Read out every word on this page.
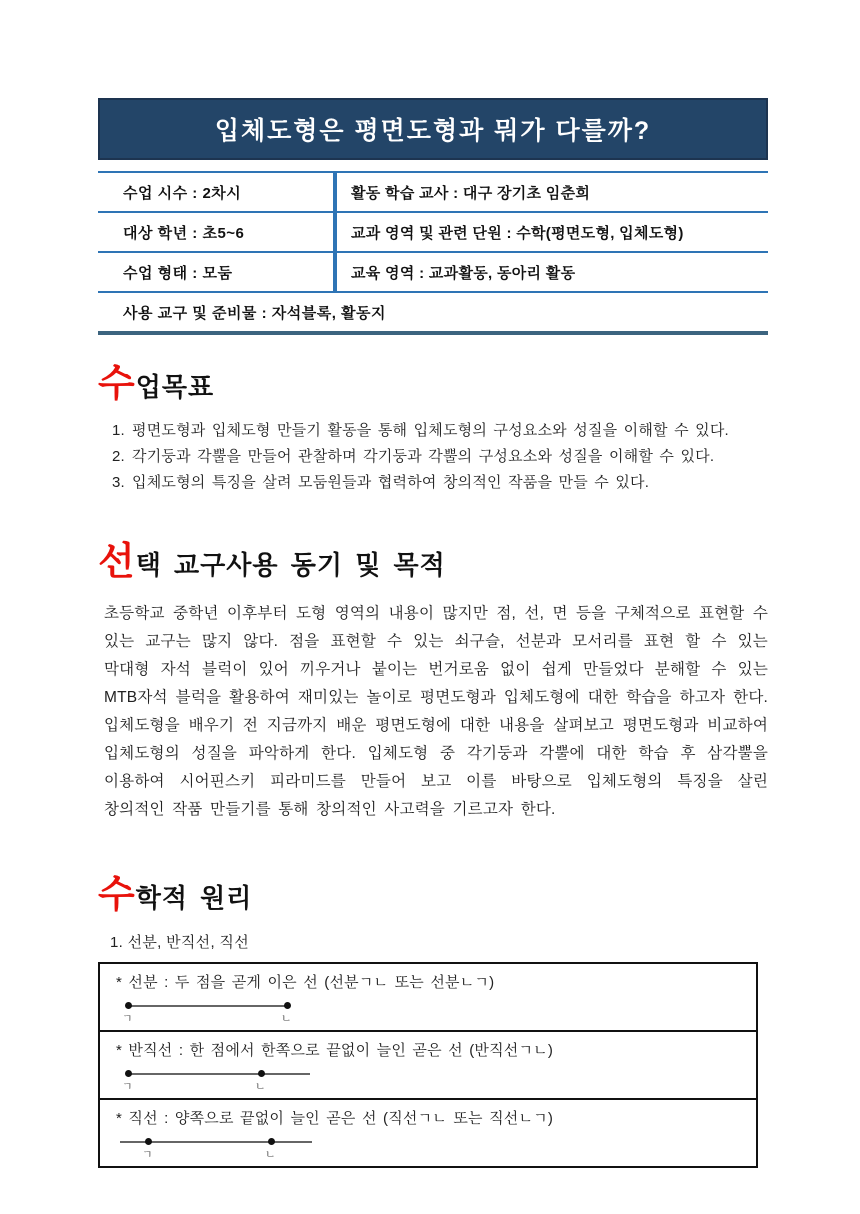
입체도형은 평면도형과 뭐가 다를까?
수업 시수 : 2차시	활동 학습 교사 : 대구 장기초 임춘희
대상 학년 : 초5~6	교과 영역 및 관련 단원 : 수학(평면도형, 입체도형)
수업 형태 : 모둠	교육 영역 : 교과활동, 동아리 활동
사용 교구 및 준비물 : 자석블록, 활동지
수 업목표
1. 평면도형과 입체도형 만들기 활동을 통해 입체도형의 구성요소와 성질을 이해할 수 있다.
2. 각기둥과 각뿔을 만들어 관찰하며 각기둥과 각뿔의 구성요소와 성질을 이해할 수 있다.
3. 입체도형의 특징을 살려 모둠원들과 협력하여 창의적인 작품을 만들 수 있다.
선 택 교구사용 동기 및 목적
초등학교 중학년 이후부터 도형 영역의 내용이 많지만 점, 선, 면 등을 구체적으로 표현할 수 있는 교구는 많지 않다. 점을 표현할 수 있는 쇠구슬, 선분과 모서리를 표현 할 수 있는 막대형 자석 블럭이 있어 끼우거나 붙이는 번거로움 없이 쉽게 만들었다 분해할 수 있는 MTB자석 블럭을 활용하여 재미있는 놀이로 평면도형과 입체도형에 대한 학습을 하고자 한다. 입체도형을 배우기 전 지금까지 배운 평면도형에 대한 내용을 살펴보고 평면도형과 비교하여 입체도형의 성질을 파악하게 한다. 입체도형 중 각기둥과 각뿔에 대한 학습 후 삼각뿔을 이용하여 시어핀스키 피라미드를 만들어 보고 이를 바탕으로 입체도형의 특징을 살린 창의적인 작품 만들기를 통해 창의적인 사고력을 기르고자 한다.
수 학적 원리
1. 선분, 반직선, 직선
* 선분 : 두 점을 곧게 이은 선 (선분ㄱㄴ 또는 선분ㄴㄱ)
ㄱ	ㄴ
* 반직선 : 한 점에서 한쪽으로 끝없이 늘인 곧은 선 (반직선ㄱㄴ)
ㄱ	ㄴ
* 직선 : 양쪽으로 끝없이 늘인 곧은 선 (직선ㄱㄴ 또는 직선ㄴㄱ)
ㄱ	ㄴ
